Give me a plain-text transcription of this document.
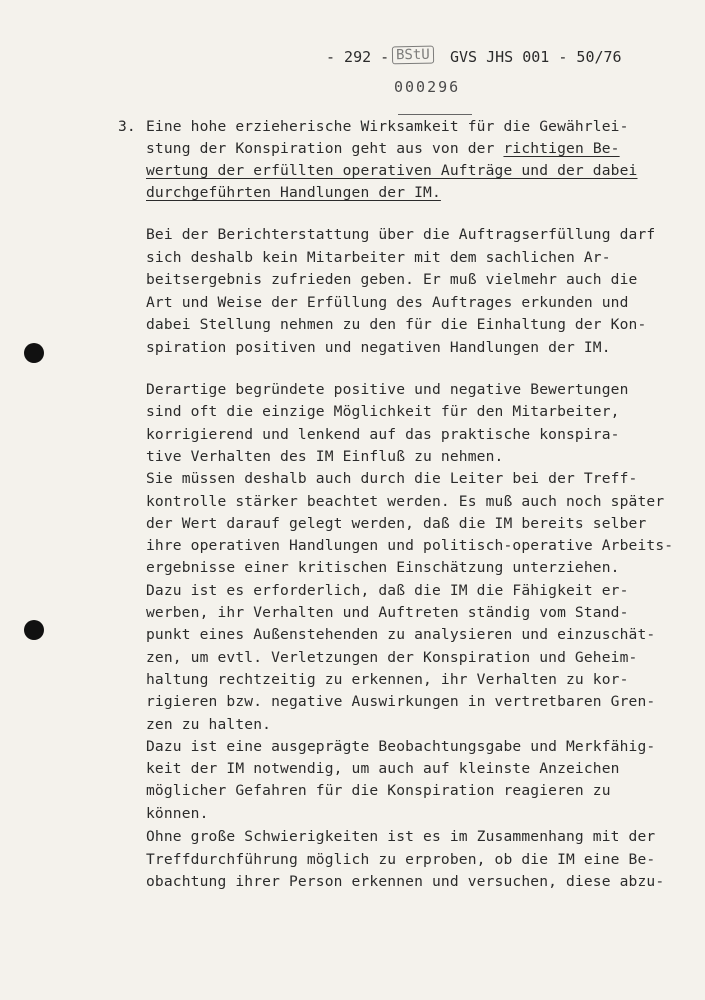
- 292 - BStU GVS JHS 001 - 50/76
000296
3. Eine hohe erzieherische Wirksamkeit für die Gewährlei-
stung der Konspiration geht aus von der richtigen Be-
wertung der erfüllten operativen Aufträge und der dabei
durchgeführten Handlungen der IM.
Bei der Berichterstattung über die Auftragserfüllung darf
sich deshalb kein Mitarbeiter mit dem sachlichen Ar-
beitsergebnis zufrieden geben. Er muß vielmehr auch die
Art und Weise der Erfüllung des Auftrages erkunden und
dabei Stellung nehmen zu den für die Einhaltung der Kon-
spiration positiven und negativen Handlungen der IM.
Derartige begründete positive und negative Bewertungen
sind oft die einzige Möglichkeit für den Mitarbeiter,
korrigierend und lenkend auf das praktische konspira-
tive Verhalten des IM Einfluß zu nehmen.
Sie müssen deshalb auch durch die Leiter bei der Treff-
kontrolle stärker beachtet werden. Es muß auch noch später
der Wert darauf gelegt werden, daß die IM bereits selber
ihre operativen Handlungen und politisch-operative Arbeits-
ergebnisse einer kritischen Einschätzung unterziehen.
Dazu ist es erforderlich, daß die IM die Fähigkeit er-
werben, ihr Verhalten und Auftreten ständig vom Stand-
punkt eines Außenstehenden zu analysieren und einzuschät-
zen, um evtl. Verletzungen der Konspiration und Geheim-
haltung rechtzeitig zu erkennen, ihr Verhalten zu kor-
rigieren bzw. negative Auswirkungen in vertretbaren Gren-
zen zu halten.
Dazu ist eine ausgeprägte Beobachtungsgabe und Merkfähig-
keit der IM notwendig, um auch auf kleinste Anzeichen
möglicher Gefahren für die Konspiration reagieren zu
können.
Ohne große Schwierigkeiten ist es im Zusammenhang mit der
Treffdurchführung möglich zu erproben, ob die IM eine Be-
obachtung ihrer Person erkennen und versuchen, diese abzu-
